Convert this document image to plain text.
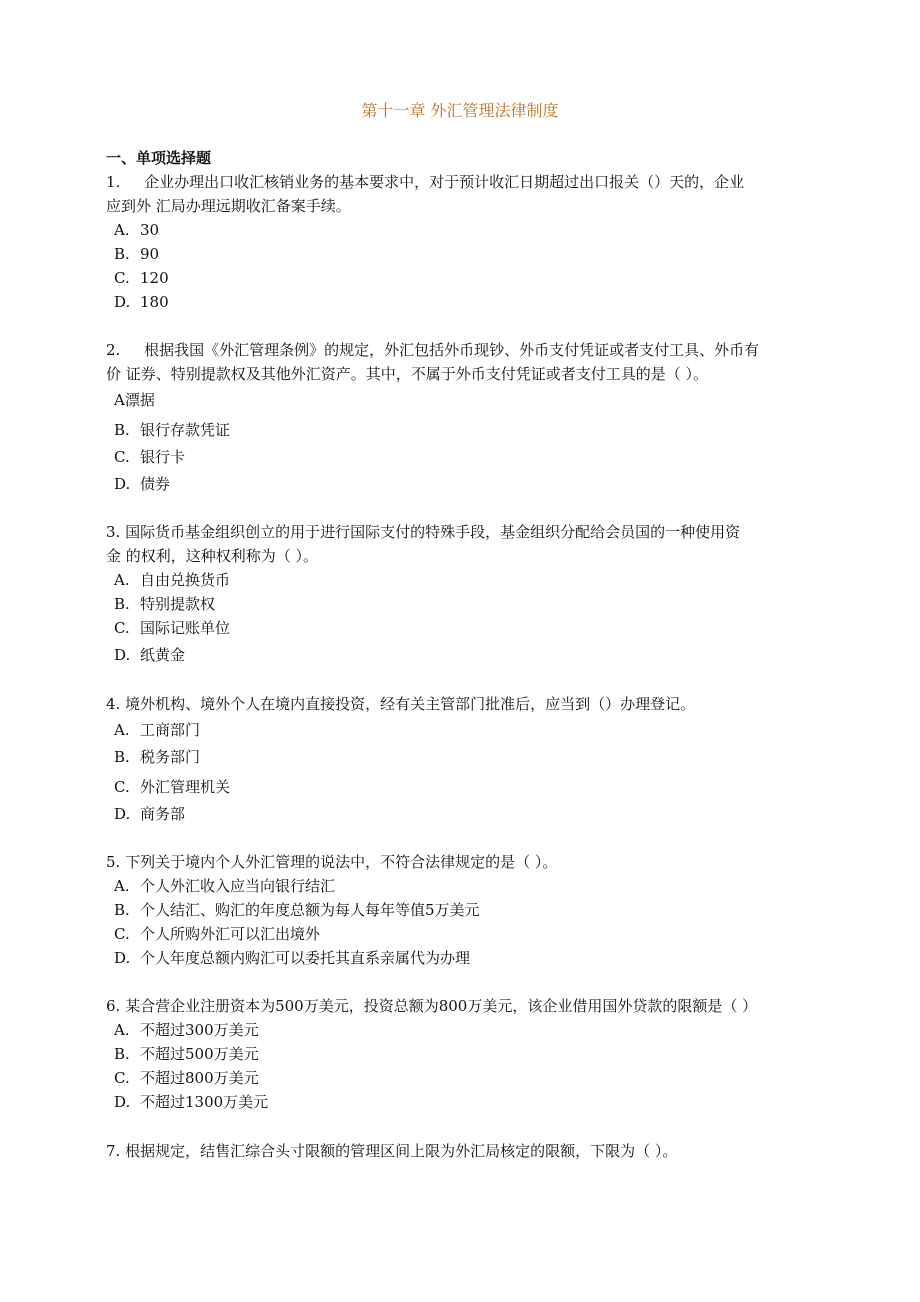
第十一章 外汇管理法律制度
一、单项选择题
1.     企业办理出口收汇核销业务的基本要求中，对于预计收汇日期超过出口报关（）天的，企业
应到外 汇局办理远期收汇备案手续。
A. 30
B. 90
C. 120
D. 180
2.     根据我国《外汇管理条例》的规定，外汇包括外币现钞、外币支付凭证或者支付工具、外币有
价 证券、特别提款权及其他外汇资产。其中，不属于外币支付凭证或者支付工具的是（ ）。
A漂据
B. 银行存款凭证
C. 银行卡
D. 债券
3. 国际货币基金组织创立的用于进行国际支付的特殊手段，基金组织分配给会员国的一种使用资
金 的权利，这种权利称为（ ）。
A. 自由兑换货币
B. 特别提款权
C. 国际记账单位
D. 纸黄金
4. 境外机构、境外个人在境内直接投资，经有关主管部门批准后，应当到（）办理登记。
A. 工商部门
B. 税务部门
C. 外汇管理机关
D. 商务部
5. 下列关于境内个人外汇管理的说法中，不符合法律规定的是（ ）。
A. 个人外汇收入应当向银行结汇
B. 个人结汇、购汇的年度总额为每人每年等值5万美元
C. 个人所购外汇可以汇出境外
D. 个人年度总额内购汇可以委托其直系亲属代为办理
6. 某合营企业注册资本为500万美元，投资总额为800万美元，该企业借用国外贷款的限额是（ ）
A. 不超过300万美元
B. 不超过500万美元
C. 不超过800万美元
D. 不超过1300万美元
7. 根据规定，结售汇综合头寸限额的管理区间上限为外汇局核定的限额，下限为（ ）。
